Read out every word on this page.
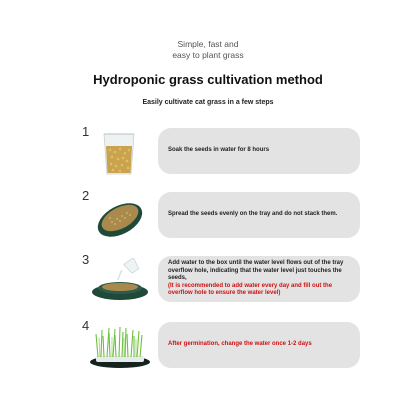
Simple, fast and
easy to plant grass
Hydroponic grass cultivation method
Easily cultivate cat grass in a few steps
Soak the seeds in water for 8 hours
1
Spread the seeds evenly on the tray and do not stack them.
2
Add water to the box until the water level flows out of the tray overflow hole, indicating that the water level just touches the seeds,
(It is recommended to add water every day and fill out the overflow hole to ensure the water level)
3
After germination, change the water once 1-2 days
4
